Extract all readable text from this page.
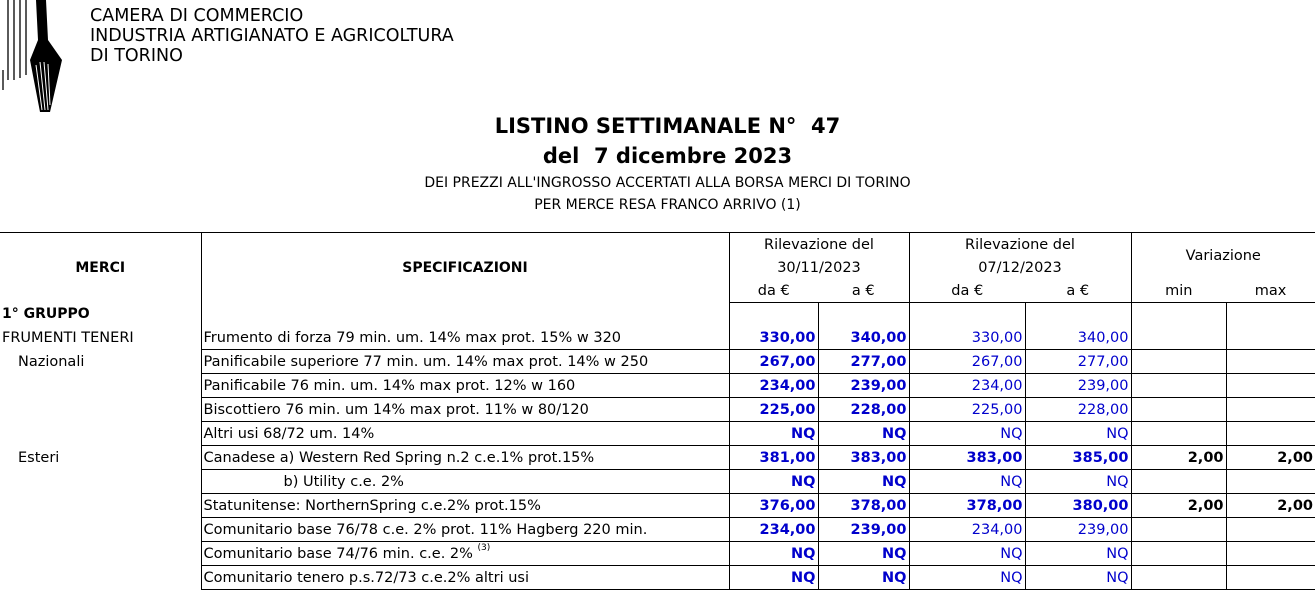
CAMERA DI COMMERCIO
INDUSTRIA ARTIGIANATO E AGRICOLTURA
DI TORINO
LISTINO SETTIMANALE N°  47
del  7 dicembre 2023
DEI PREZZI ALL'INGROSSO ACCERTATI ALLA BORSA MERCI DI TORINO
PER MERCE RESA FRANCO ARRIVO (1)
MERCI	SPECIFICAZIONI	Rilevazione del		Rilevazione del		Variazione	
		30/11/2023		07/12/2023			
		da €	a €	da €	a €	min	max
1° GRUPPO							
FRUMENTI TENERI	Frumento di forza 79 min. um. 14% max prot. 15% w 320	330,00	340,00	330,00	340,00		
Nazionali	Panificabile superiore 77 min. um. 14% max prot. 14% w 250	267,00	277,00	267,00	277,00		
	Panificabile 76 min. um. 14% max prot. 12% w 160	234,00	239,00	234,00	239,00		
	Biscottiero 76 min. um 14% max prot. 11% w 80/120	225,00	228,00	225,00	228,00		
	Altri usi 68/72 um. 14%	NQ	NQ	NQ	NQ		
Esteri	Canadese a) Western Red Spring n.2 c.e.1% prot.15%	381,00	383,00	383,00	385,00	2,00	2,00
	b) Utility c.e. 2%	NQ	NQ	NQ	NQ		
	Statunitense: NorthernSpring c.e.2% prot.15%	376,00	378,00	378,00	380,00	2,00	2,00
	Comunitario base 76/78 c.e. 2% prot. 11% Hagberg 220 min.	234,00	239,00	234,00	239,00		
	Comunitario base 74/76 min. c.e. 2% $^{(3)}$	NQ	NQ	NQ	NQ		
	Comunitario tenero p.s.72/73 c.e.2% altri usi	NQ	NQ	NQ	NQ		
